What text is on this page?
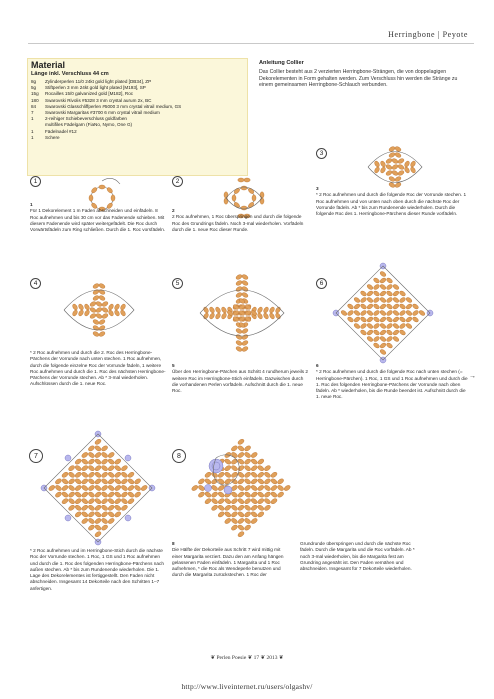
Herringbone | Peyote
Material
Länge inkl. Verschluss 44 cm
8g	Zylinderperlen 11/0 24kt gold light plated [DB34], ZP
5g	Stiftperlen 3 mm 24kt gold light plated [M193], SP
15g	Rocailles 15/0 galvanized gold [M182], Roc
180	Swarovski Rivolis #5328 3 mm crystal aurum 2x, BC
84	Swarovski Glasschliffperlen #5000 3 mm crystal vitrail medium, GS
7	Swarovski Margaritas #3700 6 mm crystal vitrail medium
1	2-reihiger Schiebeverschluss goldfarben
multifiles Fädelgarn (FiaNo, Nymo, One G)
1	Fädelnadel #12
1	Schere
Anleitung Collier
Das Collier besteht aus 2 verzierten Herringbone-Strängen, die von doppelagigen Dekorelementen in Form gehalten werden. Zum Verschluss hin werden die Stränge zu einem gemeinsamen Herringbone-Schlauch verbunden.
1	2
3
4	5	6
7	8
1
Für 1 Dekorelement 1 m Faden abschneiden und einfädeln. 8 Roc aufnehmen und bis 30 cm vor das Fadenende schieben. Mit diesem Fadenende wird später weitergefädelt. Die Roc durch Vorwärtsfädeln zum Ring schließen. Durch die 1. Roc vorsfädeln.
2
2 Roc aufnehmen, 1 Roc überspringen und durch die folgende Roc des Grundrings fädeln. Noch 3-mal wiederholen. Vorfädeln durch die 1. neue Roc dieser Runde.
3
* 2 Roc aufnehmen und durch die folgende Roc der Vorrunde stechen. 1 Roc aufnehmen und von unten nach oben durch die nächste Roc der Vorrunde fädeln. Ab * bis zum Rundenende wiederholen. Durch die folgende Roc des 1. Herringbone-Pärchens dieser Runde vorfädeln.
* 2 Roc aufnehmen und durch die 2. Roc des Herringbone-Pärchens der Vorrunde nach unten stechen. 1 Roc aufnehmen, durch die folgende einzelne Roc der Vorrunde fädeln, 1 weitere Roc aufnehmen und durch die 1. Roc des nächsten Herringbone-Pärchens der Vorrunde stechen. Ab * 3-mal wiederholen. Aufschlüssen durch die 1. neue Roc.
5
Über den Herringbone-Pärchen aus Schritt 4 rundherum jeweils 2 weitere Roc im Herringbone-Stich einfädeln. Dazwischen durch die vorhandenen Perlen vorfädeln. Aufschnitt durch die 1. neue Roc.
6
* 2 Roc aufnehmen und durch die folgende Roc nach unten stechen (= Herringbone-Pärchen). 1 Roc, 1 GS und 1 Roc aufnehmen und durch die 1. Roc des folgenden Herringbone-Pärchens der Vorrunde nach oben fädeln. Ab * wiederholen, bis die Runde beendet ist. Aufschnitt durch die 1. neue Roc.
* 2 Roc aufnehmen und im Herringbone-Stich durch die nächste Roc der Vorrunde stechen. 1 Roc, 1 GS und 1 Roc aufnehmen und durch die 1. Roc des folgenden Herringbone-Pärchens nach außen stechen. Ab * bis zum Rundenende wiederholen. Die 1. Lage des Dekorelementes ist fertiggestellt. Den Faden nicht abschneiden. Insgesamt 14 Dekorteile nach den Schritten 1–7 anfertigen.
8
Die Hälfte der Dekorteile aus Schritt 7 wird mittig mit einer Margarita verziert. Dazu den am Anfang hängen gelassenen Faden einfädeln. 1 Margarita und 1 Roc aufnehmen, * die Roc als Wendeperle benutzen und durch die Margarita zurückstechen. 1 Roc der Grundrunde überspringen und durch die nächste Roc fädeln. Durch die Margarita und die Roc vorfädeln. Ab * noch 3-mal wiederholen, bis die Margarita fest am Grundring angenäht ist. Den Faden vernähen und abschneiden. Insgesamt für 7 Dekorteile wiederholen.
→
❦ Perlen Poesie ❦ 17 ❦ 2013 ❦
http://www.liveinternet.ru/users/olgashv/
